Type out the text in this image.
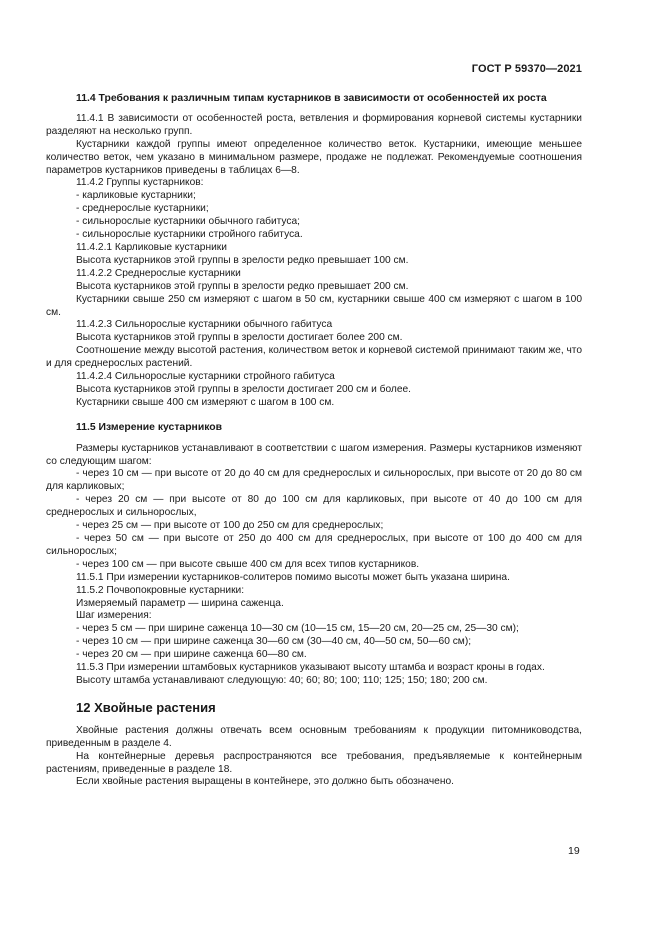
ГОСТ Р 59370—2021

11.4 Требования к различным типам кустарников в зависимости от особенностей их роста

11.4.1 В зависимости от особенностей роста, ветвления и формирования корневой системы кустарники разделяют на несколько групп.

Кустарники каждой группы имеют определенное количество веток. Кустарники, имеющие меньшее количество веток, чем указано в минимальном размере, продаже не подлежат. Рекомендуемые соотношения параметров кустарников приведены в таблицах 6—8.

11.4.2 Группы кустарников:

- карликовые кустарники;

- среднерослые кустарники;

- сильнорослые кустарники обычного габитуса;

- сильнорослые кустарники стройного габитуса.

11.4.2.1 Карликовые кустарники

Высота кустарников этой группы в зрелости редко превышает 100 см.

11.4.2.2 Среднерослые кустарники

Высота кустарников этой группы в зрелости редко превышает 200 см.

Кустарники свыше 250 см измеряют с шагом в 50 см, кустарники свыше 400 см измеряют с шагом в 100 см.

11.4.2.3 Сильнорослые кустарники обычного габитуса

Высота кустарников этой группы в зрелости достигает более 200 см.

Соотношение между высотой растения, количеством веток и корневой системой принимают таким же, что и для среднерослых растений.

11.4.2.4 Сильнорослые кустарники стройного габитуса

Высота кустарников этой группы в зрелости достигает 200 см и более.

Кустарники свыше 400 см измеряют с шагом в 100 см.

11.5 Измерение кустарников

Размеры кустарников устанавливают в соответствии с шагом измерения. Размеры кустарников изменяют со следующим шагом:

- через 10 см — при высоте от 20 до 40 см для среднерослых и сильнорослых, при высоте от 20 до 80 см для карликовых;

- через 20 см — при высоте от 80 до 100 см для карликовых, при высоте от 40 до 100 см для среднерослых и сильнорослых,

- через 25 см — при высоте от 100 до 250 см для среднерослых;

- через 50 см — при высоте от 250 до 400 см для среднерослых, при высоте от 100 до 400 см для сильнорослых;

- через 100 см — при высоте свыше 400 см для всех типов кустарников.

11.5.1 При измерении кустарников-солитеров помимо высоты может быть указана ширина.

11.5.2 Почвопокровные кустарники:

Измеряемый параметр — ширина саженца.

Шаг измерения:

- через 5 см — при ширине саженца 10—30 см (10—15 см, 15—20 см, 20—25 см, 25—30 см);

- через 10 см — при ширине саженца 30—60 см (30—40 см, 40—50 см, 50—60 см);

- через 20 см — при ширине саженца 60—80 см.

11.5.3 При измерении штамбовых кустарников указывают высоту штамба и возраст кроны в годах.

Высоту штамба устанавливают следующую: 40; 60; 80; 100; 110; 125; 150; 180; 200 см.

12 Хвойные растения

Хвойные растения должны отвечать всем основным требованиям к продукции питомниководства, приведенным в разделе 4.

На контейнерные деревья распространяются все требования, предъявляемые к контейнерным растениям, приведенные в разделе 18.

Если хвойные растения выращены в контейнере, это должно быть обозначено.

19
